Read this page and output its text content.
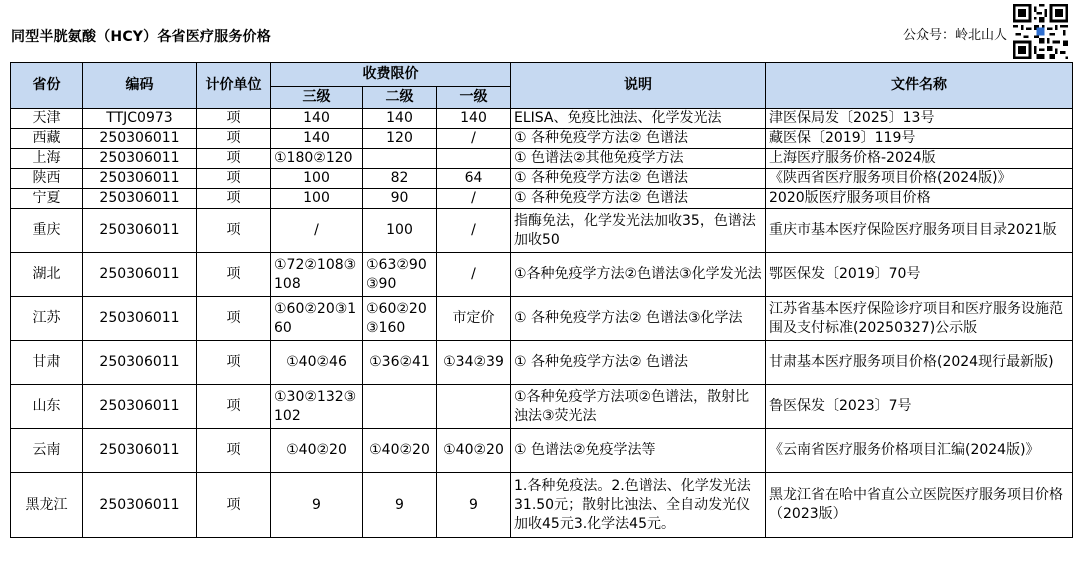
同型半胱氨酸（HCY）各省医疗服务价格	公众号：岭北山人
省份	编码	计价单位	收费限价			说明	文件名称
			三级	二级	一级		
天津	TTJC0973	项	140	140	140	ELISA、免疫比浊法、化学发光法	津医保局发〔2025〕13号
西藏	250306011	项	140	120	/	① 各种免疫学方法② 色谱法	藏医保〔2019〕119号
上海	250306011	项	①180②120			① 色谱法②其他免疫学方法	上海医疗服务价格-2024版
陕西	250306011	项	100	82	64	① 各种免疫学方法② 色谱法	《陕西省医疗服务项目价格(2024版)》
宁夏	250306011	项	100	90	/	① 各种免疫学方法② 色谱法	2020版医疗服务项目价格
重庆	250306011	项	/	100	/	指酶免法，化学发光法加收35，色谱法加收50	重庆市基本医疗保险医疗服务项目目录2021版
湖北	250306011	项	①72②108③108	①63②90③90	/	①各种免疫学方法②色谱法③化学发光法	鄂医保发〔2019〕70号
江苏	250306011	项	①60②20③160	①60②20③160	市定价	① 各种免疫学方法② 色谱法③化学法	江苏省基本医疗保险诊疗项目和医疗服务设施范围及支付标准(20250327)公示版
甘肃	250306011	项	①40②46	①36②41	①34②39	① 各种免疫学方法② 色谱法	甘肃基本医疗服务项目价格(2024现行最新版)
山东	250306011	项	①30②132③102			①各种免疫学方法项②色谱法，散射比浊法③荧光法	鲁医保发〔2023〕7号
云南	250306011	项	①40②20	①40②20	①40②20	① 色谱法②免疫学法等	《云南省医疗服务价格项目汇编(2024版)》
黑龙江	250306011	项	9	9	9	1.各种免疫法。2.色谱法、化学发光法31.50元；散射比浊法、全自动发光仪加收45元3.化学法45元。	黑龙江省在哈中省直公立医院医疗服务项目价格（2023版）
